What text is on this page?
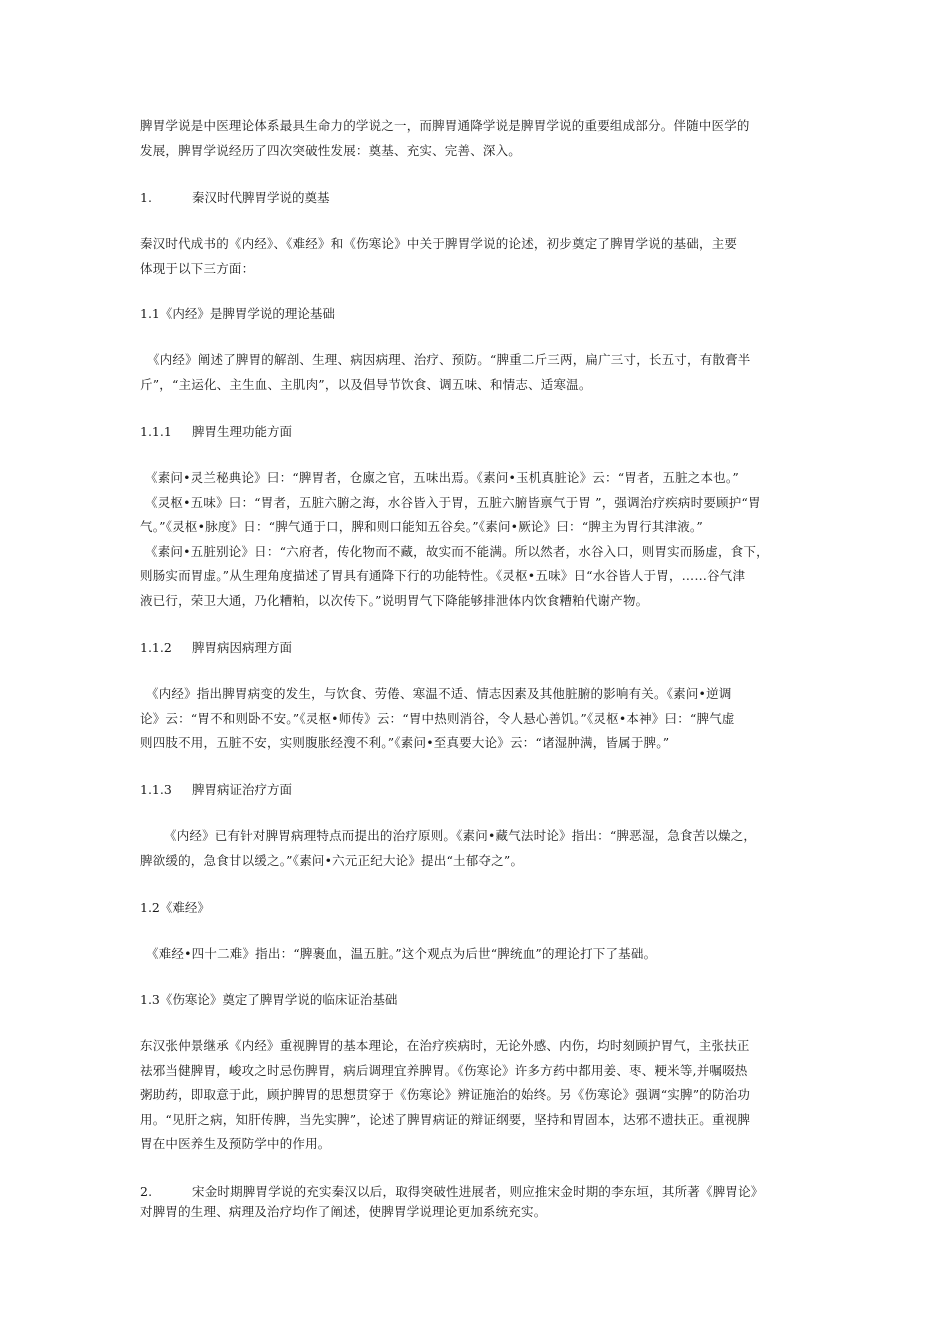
脾胃学说是中医理论体系最具生命力的学说之一，而脾胃通降学说是脾胃学说的重要组成部分。伴随中医学的
发展，脾胃学说经历了四次突破性发展：奠基、充实、完善、深入。
1.	秦汉时代脾胃学说的奠基
秦汉时代成书的《内经》、《难经》和《伤寒论》中关于脾胃学说的论述，初步奠定了脾胃学说的基础，主要
体现于以下三方面：
1.1《内经》是脾胃学说的理论基础
《内经》阐述了脾胃的解剖、生理、病因病理、治疗、预防。“脾重二斤三两，扁广三寸，长五寸，有散膏半
斤”，“主运化、主生血、主肌肉”，以及倡导节饮食、调五味、和情志、适寒温。
1.1.1 脾胃生理功能方面
《素问•灵兰秘典论》曰：“脾胃者，仓廪之官，五味出焉。《素问•玉机真脏论》云：“胃者，五脏之本也。”
《灵枢•五味》曰：“胃者，五脏六腑之海，水谷皆入于胃，五脏六腑皆禀气于胃 ”，强调治疗疾病时要顾护“胃
气。”《灵枢•脉度》日：“脾气通于口，脾和则口能知五谷矣。”《素问•厥论》曰：“脾主为胃行其津液。”
《素问•五脏别论》日：“六府者，传化物而不藏，故实而不能满。所以然者，水谷入口，则胃实而肠虚，食下，
则肠实而胃虚。”从生理角度描述了胃具有通降下行的功能特性。《灵枢•五味》日“水谷皆人于胃，……谷气津
液已行，荣卫大通，乃化糟粕，以次传下。”说明胃气下降能够排泄体内饮食糟粕代谢产物。
1.1.2 脾胃病因病理方面
《内经》指出脾胃病变的发生，与饮食、劳倦、寒温不适、情志因素及其他脏腑的影响有关。《素问•逆调
论》云：“胃不和则卧不安。”《灵枢•师传》云：“胃中热则消谷，令人悬心善饥。”《灵枢•本神》曰：“脾气虚
则四肢不用，五脏不安，实则腹胀经溲不利。”《素问•至真要大论》云：“诸湿肿满，皆属于脾。”
1.1.3 脾胃病证治疗方面
《内经》已有针对脾胃病理特点而提出的治疗原则。《素问•藏气法时论》指出：“脾恶湿，急食苦以燥之，
脾欲缓的，急食甘以缓之。”《素问•六元正纪大论》提出“土郁夺之”。
1.2《难经》
《难经•四十二难》指出：“脾裹血，温五脏。”这个观点为后世“脾统血”的理论打下了基础。
1.3《伤寒论》奠定了脾胃学说的临床证治基础
东汉张仲景继承《内经》重视脾胃的基本理论，在治疗疾病时，无论外感、内伤，均时刻顾护胃气，主张扶正
祛邪当健脾胃，峻攻之时忌伤脾胃，病后调理宜养脾胃。《伤寒论》许多方药中都用姜、枣、粳米等,并嘱啜热
粥助药，即取意于此，顾护脾胃的思想贯穿于《伤寒论》辨证施治的始终。另《伤寒论》强调“实脾”的防治功
用。“见肝之病，知肝传脾，当先实脾”，论述了脾胃病证的辩证纲要，坚持和胃固本，达邪不遗扶正。重视脾
胃在中医养生及预防学中的作用。
2.	宋金时期脾胃学说的充实秦汉以后，取得突破性进展者，则应推宋金时期的李东垣，其所著《脾胃论》
对脾胃的生理、病理及治疗均作了阐述，使脾胃学说理论更加系统充实。
